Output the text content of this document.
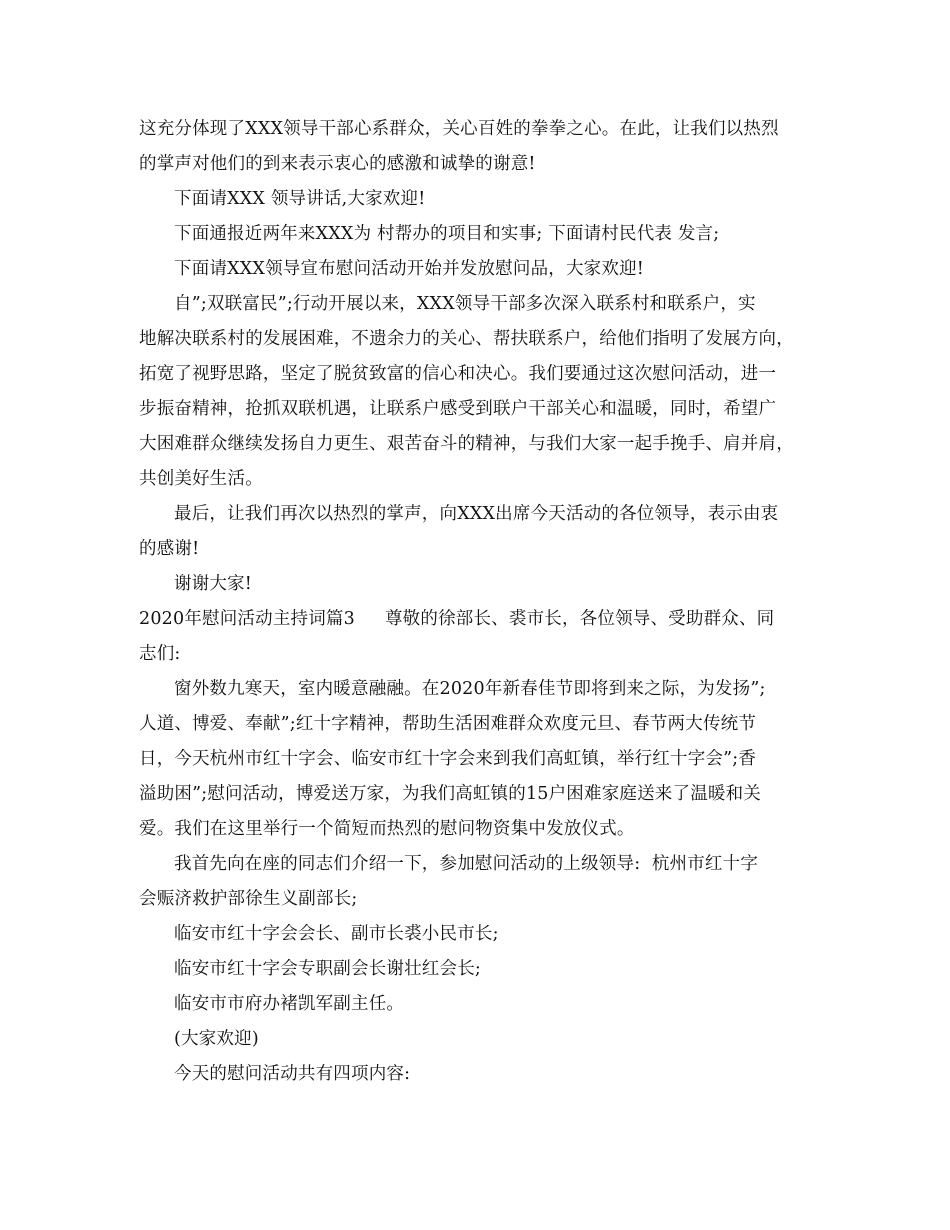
这充分体现了XXX领导干部心系群众，关心百姓的拳拳之心。在此，让我们以热烈
的掌声对他们的到来表示衷心的感激和诚挚的谢意!
下面请XXX 领导讲话,大家欢迎!
下面通报近两年来XXX为 村帮办的项目和实事; 下面请村民代表 发言;
下面请XXX领导宣布慰问活动开始并发放慰问品，大家欢迎!
自”;双联富民”;行动开展以来，XXX领导干部多次深入联系村和联系户，实
地解决联系村的发展困难，不遗余力的关心、帮扶联系户，给他们指明了发展方向，
拓宽了视野思路，坚定了脱贫致富的信心和决心。我们要通过这次慰问活动，进一
步振奋精神，抢抓双联机遇，让联系户感受到联户干部关心和温暖，同时，希望广
大困难群众继续发扬自力更生、艰苦奋斗的精神，与我们大家一起手挽手、肩并肩，
共创美好生活。
最后，让我们再次以热烈的掌声，向XXX出席今天活动的各位领导，表示由衷
的感谢!
谢谢大家!
2020年慰问活动主持词篇3 尊敬的徐部长、裘市长，各位领导、受助群众、同
志们:
窗外数九寒天，室内暖意融融。在2020年新春佳节即将到来之际，为发扬”;
人道、博爱、奉献”;红十字精神，帮助生活困难群众欢度元旦、春节两大传统节
日，今天杭州市红十字会、临安市红十字会来到我们高虹镇，举行红十字会”;香
溢助困”;慰问活动，博爱送万家，为我们高虹镇的15户困难家庭送来了温暖和关
爱。我们在这里举行一个简短而热烈的慰问物资集中发放仪式。
我首先向在座的同志们介绍一下，参加慰问活动的上级领导:  杭州市红十字
会赈济救护部徐生义副部长;
临安市红十字会会长、副市长裘小民市长;
临安市红十字会专职副会长谢壮红会长;
临安市市府办褚凯军副主任。
(大家欢迎)
今天的慰问活动共有四项内容:
